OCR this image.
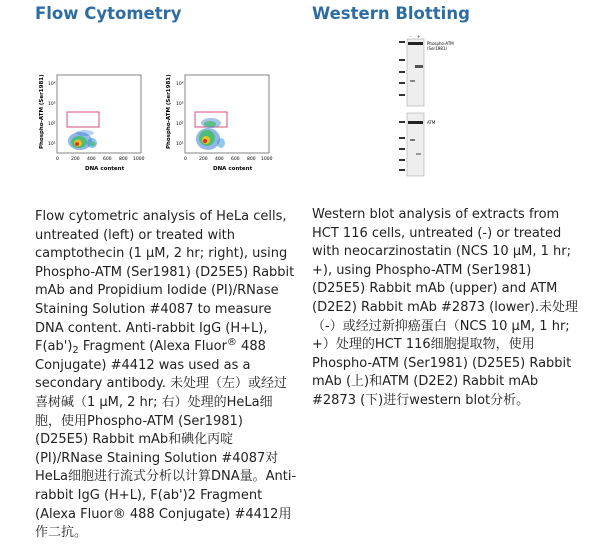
Flow Cytometry
Phospho-ATM (Ser1981) 10⁴
10³
10²
10¹
0	200 400 600 800 1000
DNA content
Phospho-ATM (Ser1981) 10⁴
10³
10²
10¹
0	200 400 600 800 1000
DNA content
Flow cytometric analysis of HeLa cells, untreated (left) or treated with camptothecin (1 µM, 2 hr; right), using Phospho-ATM (Ser1981) (D25E5) Rabbit mAb and Propidium Iodide (PI)/RNase Staining Solution #4087 to measure DNA content. Anti-rabbit IgG (H+L), $F(ab')_2$ Fragment (Alexa Fluor® 488 Conjugate) #4412 was used as a secondary antibody. 未处理（左）或经过喜树碱（1 µM, 2 hr; 右）处理的HeLa细胞，使用Phospho-ATM (Ser1981) (D25E5) Rabbit mAb和碘化丙啶(PI)/RNase Staining Solution #4087对HeLa细胞进行流式分析以计算DNA量。Anti-rabbit IgG (H+L), F(ab')2 Fragment (Alexa Fluor® 488 Conjugate) #4412用作二抗。
Western Blotting
- +
Phospho-ATM
(Ser1981)
ATM
Western blot analysis of extracts from HCT 116 cells, untreated (-) or treated with neocarzinostatin (NCS 10 µM, 1 hr; +), using Phospho-ATM (Ser1981) (D25E5) Rabbit mAb (upper) and ATM (D2E2) Rabbit mAb #2873 (lower).未处理（-）或经过新抑癌蛋白（NCS 10 µM, 1 hr; +）处理的HCT 116细胞提取物，使用Phospho-ATM (Ser1981) (D25E5) Rabbit mAb (上)和ATM (D2E2) Rabbit mAb #2873 (下)进行western blot分析。
